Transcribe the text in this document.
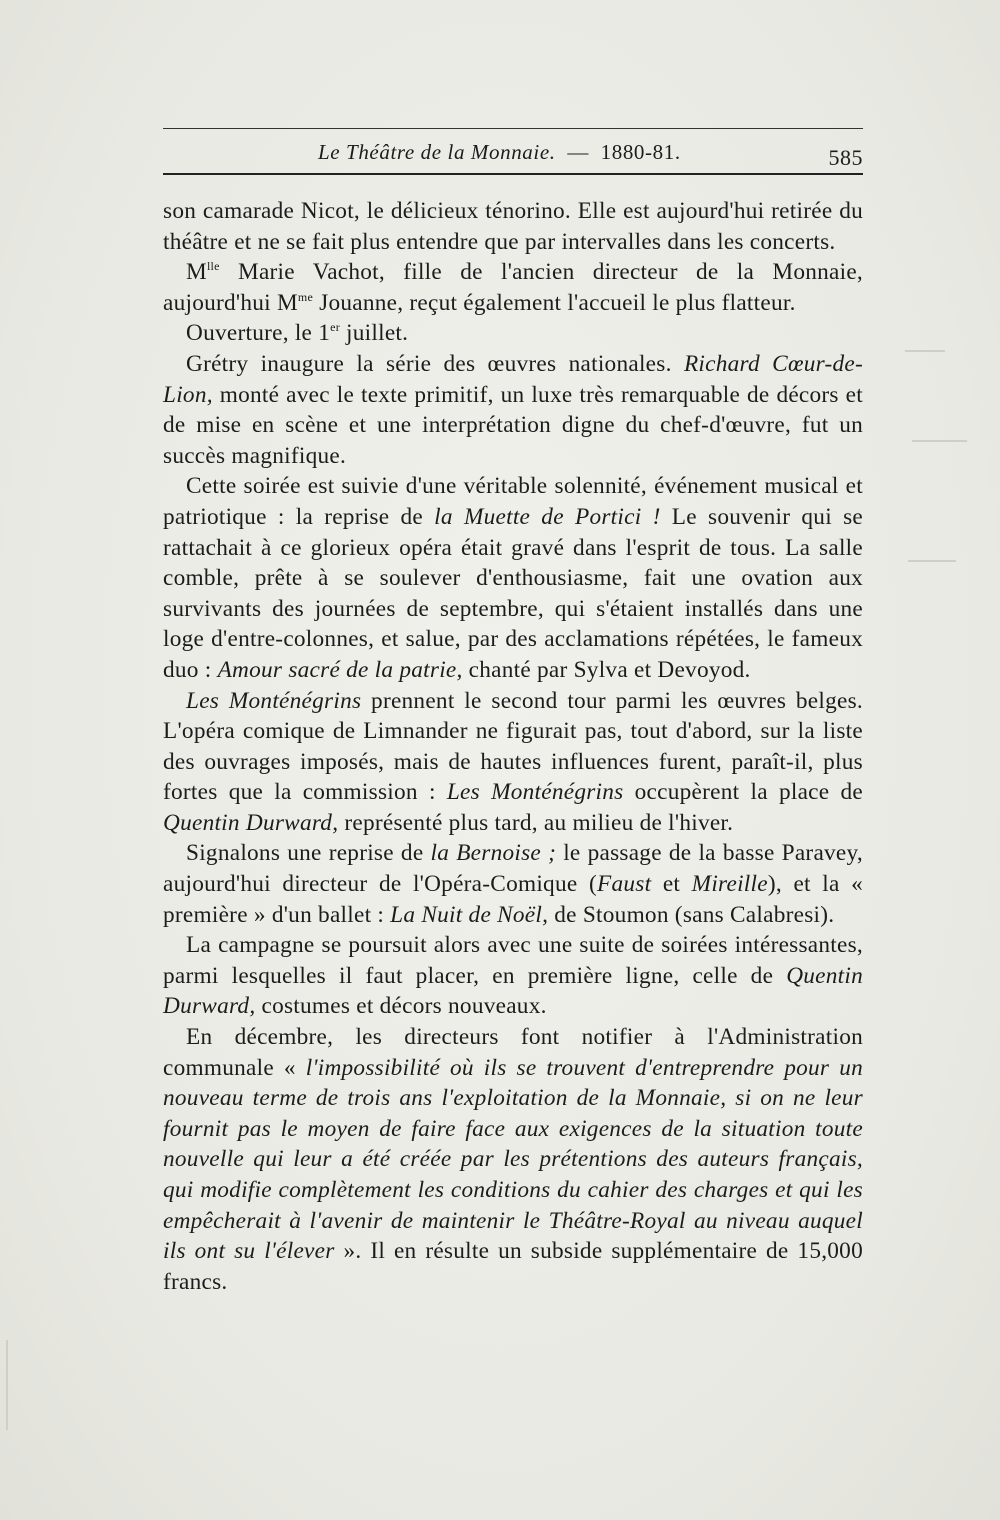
Le Théâtre de la Monnaie. — 1880-81.	585

son camarade Nicot, le délicieux ténorino. Elle est aujourd'hui retirée du théâtre et ne se fait plus entendre que par intervalles dans les concerts.

$M^{lle}$ Marie Vachot, fille de l'ancien directeur de la Monnaie, aujourd'hui $M^{me}$ Jouanne, reçut également l'accueil le plus flatteur.

Ouverture, le 1er juillet.

Grétry inaugure la série des œuvres nationales. Richard Cœur-de-Lion, monté avec le texte primitif, un luxe très remarquable de décors et de mise en scène et une interprétation digne du chef-d'œuvre, fut un succès magnifique.

Cette soirée est suivie d'une véritable solennité, événement musical et patriotique : la reprise de la Muette de Portici ! Le souvenir qui se rattachait à ce glorieux opéra était gravé dans l'esprit de tous. La salle comble, prête à se soulever d'enthousiasme, fait une ovation aux survivants des journées de septembre, qui s'étaient installés dans une loge d'entre-colonnes, et salue, par des acclamations répétées, le fameux duo : Amour sacré de la patrie, chanté par Sylva et Devoyod.

Les Monténégrins prennent le second tour parmi les œuvres belges. L'opéra comique de Limnander ne figurait pas, tout d'abord, sur la liste des ouvrages imposés, mais de hautes influences furent, paraît-il, plus fortes que la commission : Les Monténégrins occupèrent la place de Quentin Durward, représenté plus tard, au milieu de l'hiver.

Signalons une reprise de la Bernoise ; le passage de la basse Paravey, aujourd'hui directeur de l'Opéra-Comique (Faust et Mireille), et la « première » d'un ballet : La Nuit de Noël, de Stoumon (sans Calabresi).

La campagne se poursuit alors avec une suite de soirées intéressantes, parmi lesquelles il faut placer, en première ligne, celle de Quentin Durward, costumes et décors nouveaux.

En décembre, les directeurs font notifier à l'Administration communale « l'impossibilité où ils se trouvent d'entreprendre pour un nouveau terme de trois ans l'exploitation de la Monnaie, si on ne leur fournit pas le moyen de faire face aux exigences de la situation toute nouvelle qui leur a été créée par les prétentions des auteurs français, qui modifie complètement les conditions du cahier des charges et qui les empêcherait à l'avenir de maintenir le Théâtre-Royal au niveau auquel ils ont su l'élever ». Il en résulte un subside supplémentaire de 15,000 francs.
